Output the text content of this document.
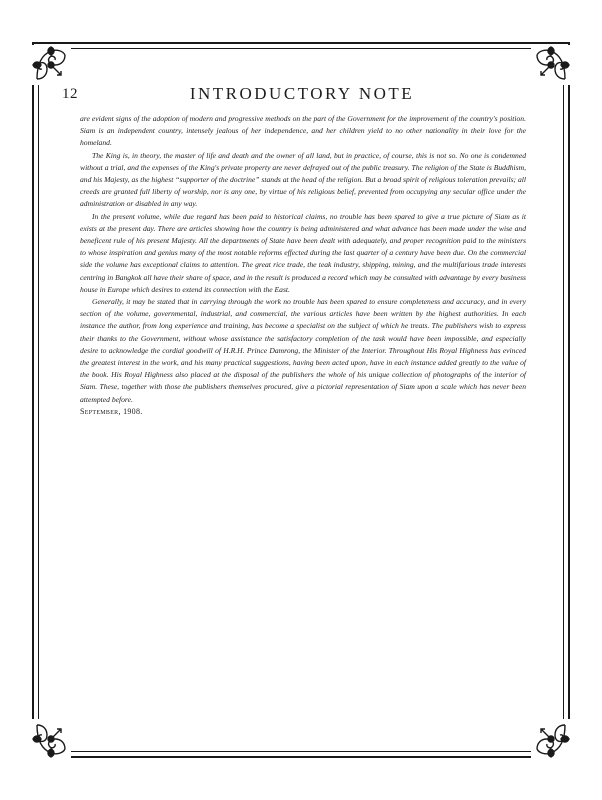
12	INTRODUCTORY NOTE

are evident signs of the adoption of modern and progressive methods on the part of the Government for the improvement of the country's position. Siam is an independent country, intensely jealous of her independence, and her children yield to no other nationality in their love for the homeland.

The King is, in theory, the master of life and death and the owner of all land, but in practice, of course, this is not so. No one is condemned without a trial, and the expenses of the King's private property are never defrayed out of the public treasury. The religion of the State is Buddhism, and his Majesty, as the highest “supporter of the doctrine” stands at the head of the religion. But a broad spirit of religious toleration prevails; all creeds are granted full liberty of worship, nor is any one, by virtue of his religious belief, prevented from occupying any secular office under the administration or disabled in any way.

In the present volume, while due regard has been paid to historical claims, no trouble has been spared to give a true picture of Siam as it exists at the present day. There are articles showing how the country is being administered and what advance has been made under the wise and beneficent rule of his present Majesty. All the departments of State have been dealt with adequately, and proper recognition paid to the ministers to whose inspiration and genius many of the most notable reforms effected during the last quarter of a century have been due. On the commercial side the volume has exceptional claims to attention. The great rice trade, the teak industry, shipping, mining, and the multifarious trade interests centring in Bangkok all have their share of space, and in the result is produced a record which may be consulted with advantage by every business house in Europe which desires to extend its connection with the East.

Generally, it may be stated that in carrying through the work no trouble has been spared to ensure completeness and accuracy, and in every section of the volume, governmental, industrial, and commercial, the various articles have been written by the highest authorities. In each instance the author, from long experience and training, has become a specialist on the subject of which he treats. The publishers wish to express their thanks to the Government, without whose assistance the satisfactory completion of the task would have been impossible, and especially desire to acknowledge the cordial goodwill of H.R.H. Prince Damrong, the Minister of the Interior. Throughout His Royal Highness has evinced the greatest interest in the work, and his many practical suggestions, having been acted upon, have in each instance added greatly to the value of the book. His Royal Highness also placed at the disposal of the publishers the whole of his unique collection of photographs of the interior of Siam. These, together with those the publishers themselves procured, give a pictorial representation of Siam upon a scale which has never been attempted before.

September, 1908.
